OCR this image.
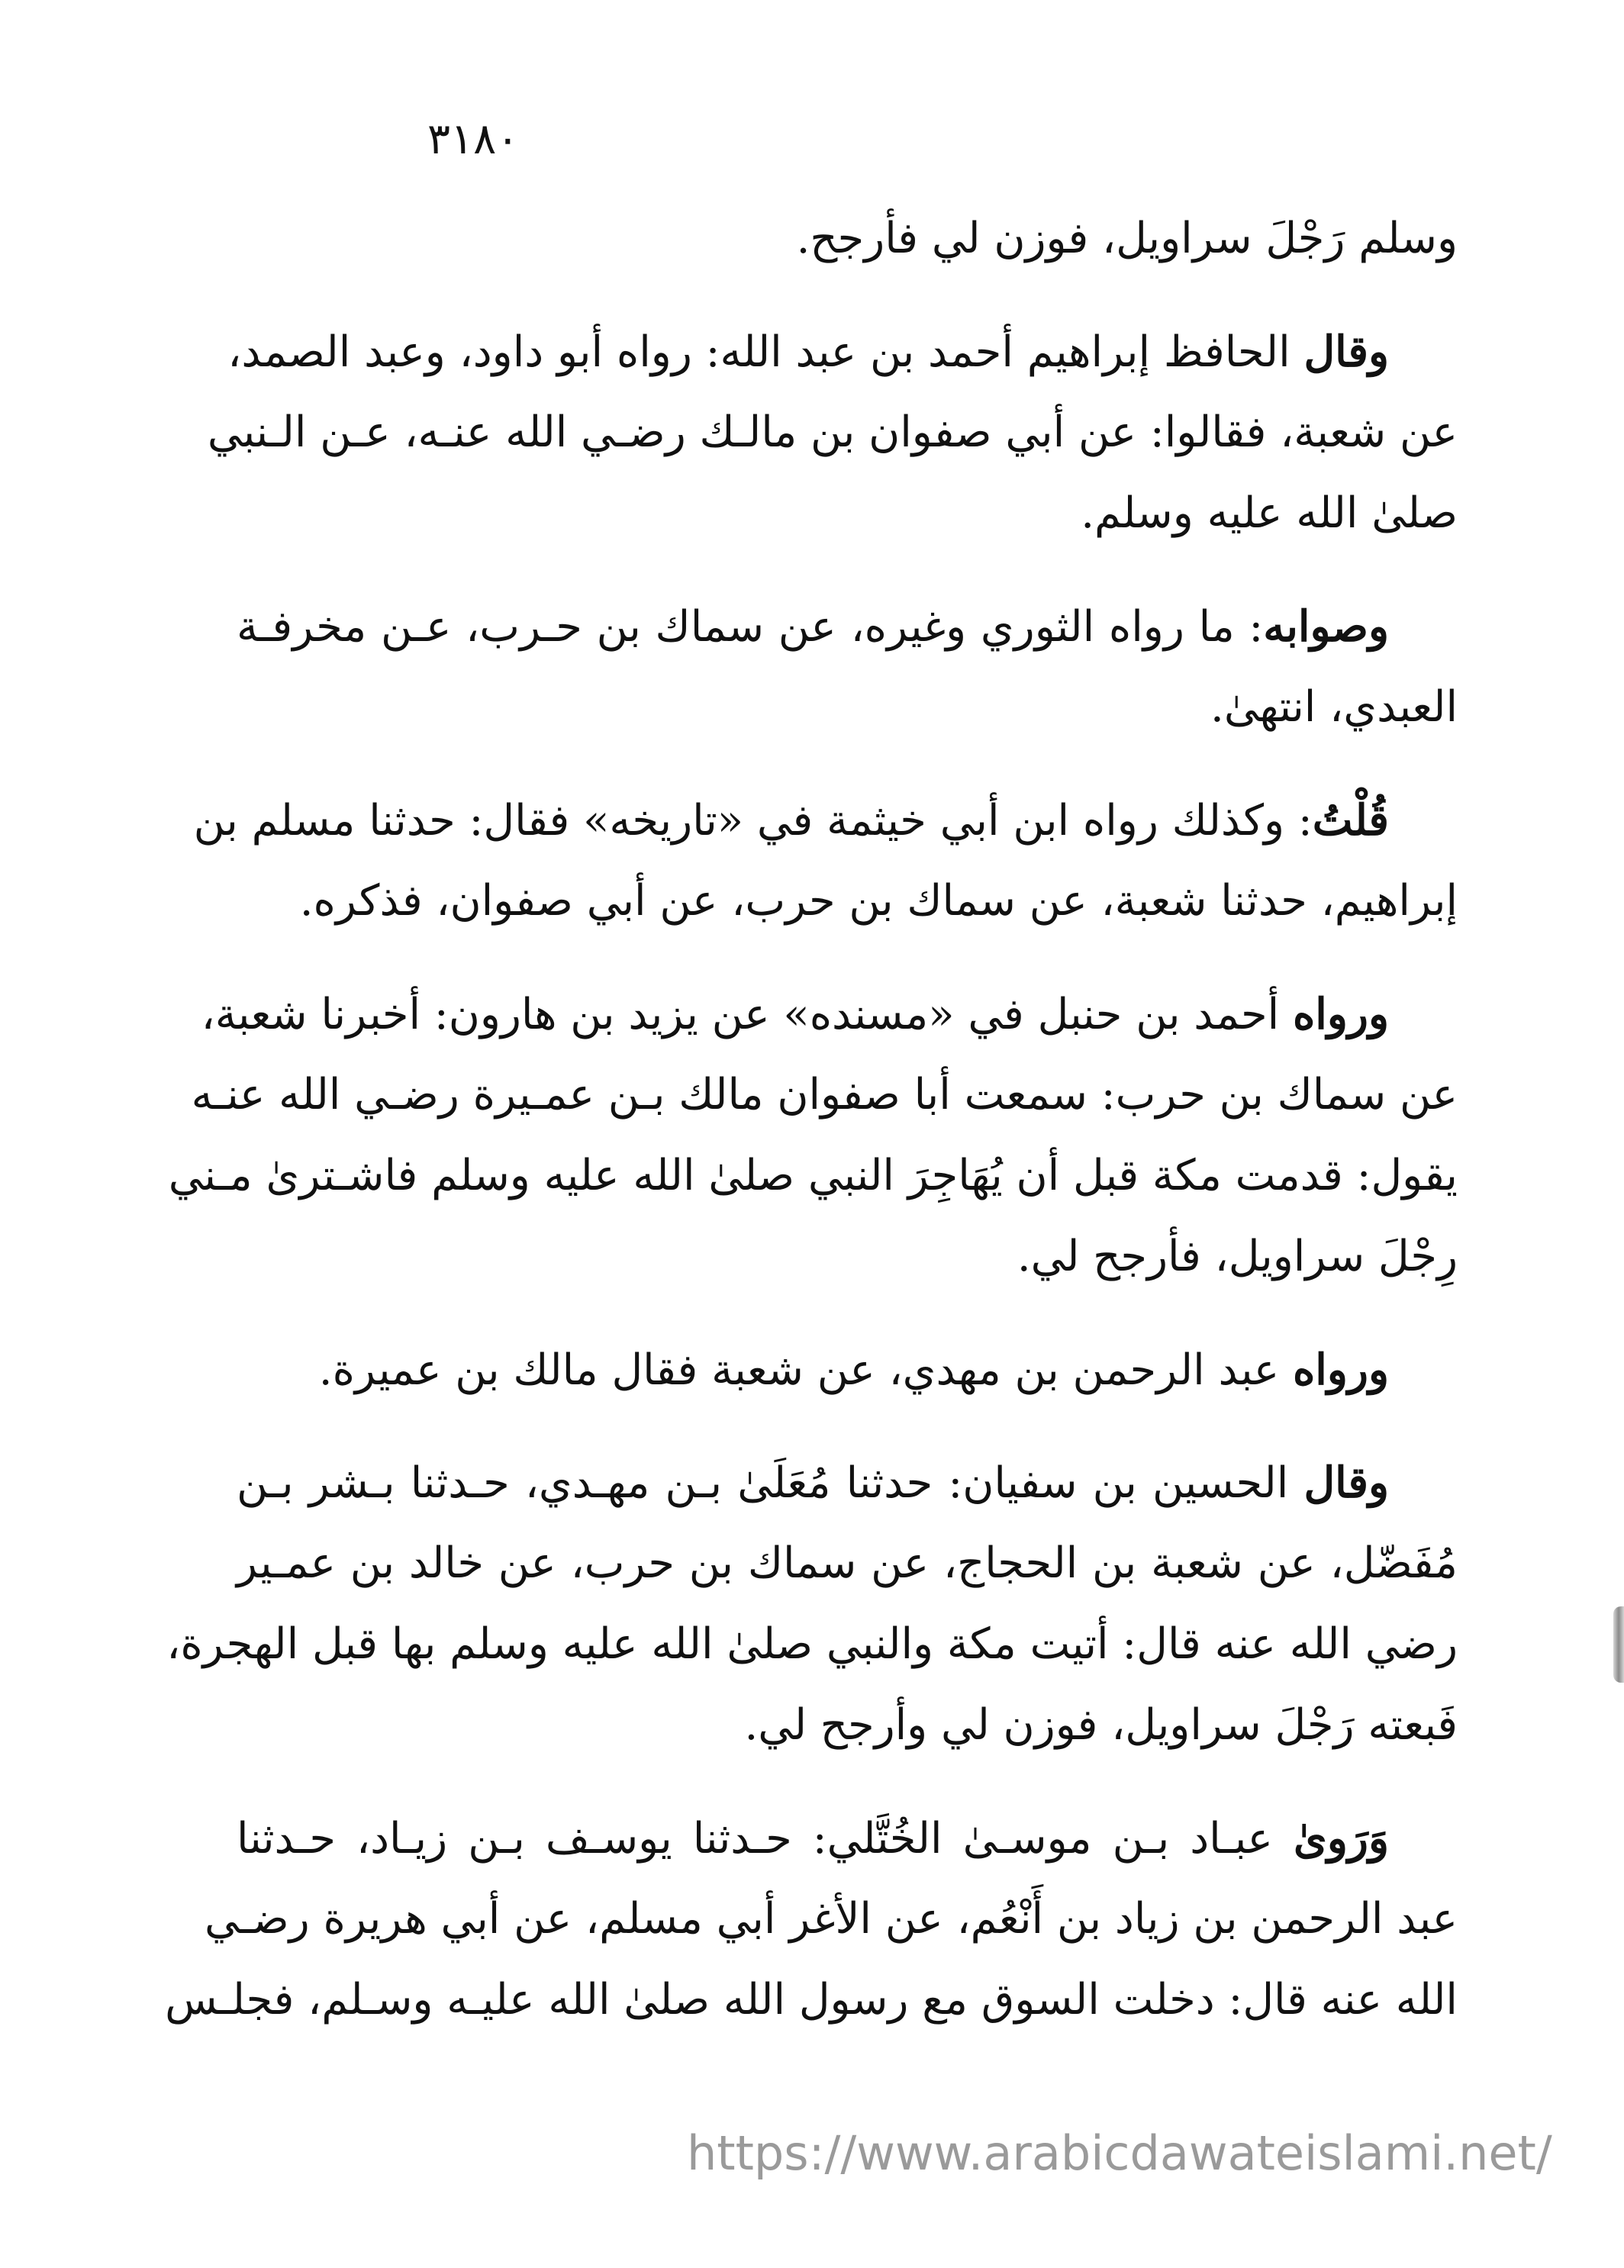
٣١٨٠
وسلم رَجْلَ سراويل، فوزن لي فأرجح.
وقال الحافظ إبراهيم أحمد بن عبد الله: رواه أبو داود، وعبد الصمد،
عن شعبة، فقالوا: عن أبي صفوان بن مالـك رضـي الله عنـه، عـن الـنبي
صلىٰ الله عليه وسلم.
وصوابه: ما رواه الثوري وغيره، عن سماك بن حـرب، عـن مخرفـة
العبدي، انتهىٰ.
قُلْتُ: وكذلك رواه ابن أبي خيثمة في «تاريخه» فقال: حدثنا مسلم بن
إبراهيم، حدثنا شعبة، عن سماك بن حرب، عن أبي صفوان، فذكره.
ورواه أحمد بن حنبل في «مسنده» عن يزيد بن هارون: أخبرنا شعبة،
عن سماك بن حرب: سمعت أبا صفوان مالك بـن عمـيرة رضـي الله عنـه
يقول: قدمت مكة قبل أن يُهَاجِرَ النبي صلىٰ الله عليه وسلم فاشـترىٰ مـني
رِجْلَ سراويل، فأرجح لي.
ورواه عبد الرحمن بن مهدي، عن شعبة فقال مالك بن عميرة.
وقال الحسين بن سفيان: حدثنا مُعَلَىٰ بـن مهـدي، حـدثنا بـشر بـن
مُفَضّل، عن شعبة بن الحجاج، عن سماك بن حرب، عن خالد بن عمـير
رضي الله عنه قال: أتيت مكة والنبي صلىٰ الله عليه وسلم بها قبل الهجرة،
فَبعته رَجْلَ سراويل، فوزن لي وأرجح لي.
وَرَوىٰ عبـاد بـن موسـىٰ الخُتَّلي: حـدثنا يوسـف بـن زيـاد، حـدثنا
عبد الرحمن بن زياد بن أَنْعُم، عن الأغر أبي مسلم، عن أبي هريرة رضـي
الله عنه قال: دخلت السوق مع رسول الله صلىٰ الله عليـه وسـلم، فجلـس
https://www.arabicdawateislami.net/
